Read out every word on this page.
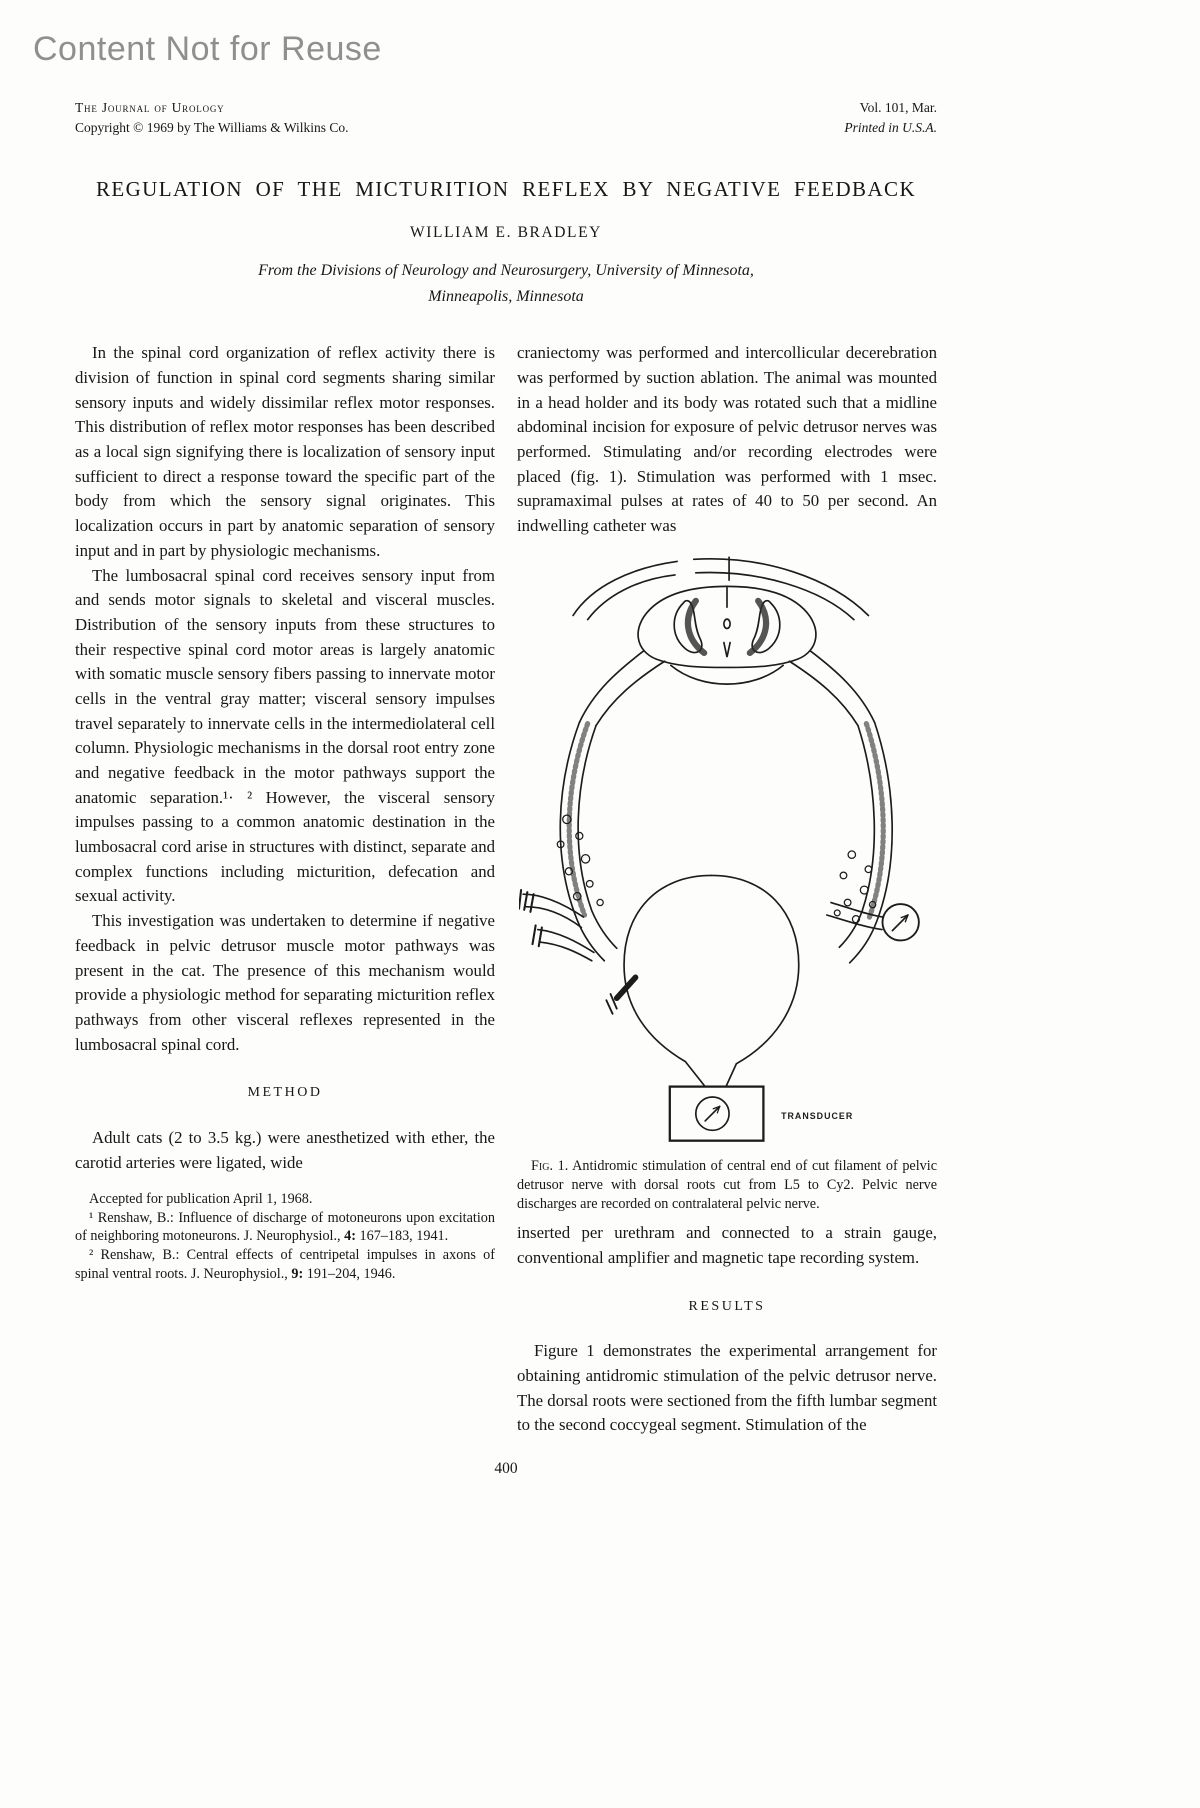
Content Not for Reuse
The Journal of Urology
Copyright © 1969 by The Williams & Wilkins Co.
Vol. 101, Mar.
Printed in U.S.A.
REGULATION OF THE MICTURITION REFLEX BY NEGATIVE FEEDBACK
WILLIAM E. BRADLEY
From the Divisions of Neurology and Neurosurgery, University of Minnesota,
Minneapolis, Minnesota

In the spinal cord organization of reflex activity there is division of function in spinal cord segments sharing similar sensory inputs and widely dissimilar reflex motor responses. This distribution of reflex motor responses has been described as a local sign signifying there is localization of sensory input sufficient to direct a response toward the specific part of the body from which the sensory signal originates. This localization occurs in part by anatomic separation of sensory input and in part by physiologic mechanisms.

The lumbosacral spinal cord receives sensory input from and sends motor signals to skeletal and visceral muscles. Distribution of the sensory inputs from these structures to their respective spinal cord motor areas is largely anatomic with somatic muscle sensory fibers passing to innervate motor cells in the ventral gray matter; visceral sensory impulses travel separately to innervate cells in the intermediolateral cell column. Physiologic mechanisms in the dorsal root entry zone and negative feedback in the motor pathways support the anatomic separation.¹· ² However, the visceral sensory impulses passing to a common anatomic destination in the lumbosacral cord arise in structures with distinct, separate and complex functions including micturition, defecation and sexual activity.

This investigation was undertaken to determine if negative feedback in pelvic detrusor muscle motor pathways was present in the cat. The presence of this mechanism would provide a physiologic method for separating micturition reflex pathways from other visceral reflexes represented in the lumbosacral spinal cord.

METHOD

Adult cats (2 to 3.5 kg.) were anesthetized with ether, the carotid arteries were ligated, wide

Accepted for publication April 1, 1968.

¹ Renshaw, B.: Influence of discharge of motoneurons upon excitation of neighboring motoneurons. J. Neurophysiol., 4: 167–183, 1941.

² Renshaw, B.: Central effects of centripetal impulses in axons of spinal ventral roots. J. Neurophysiol., 9: 191–204, 1946.

craniectomy was performed and intercollicular decerebration was performed by suction ablation. The animal was mounted in a head holder and its body was rotated such that a midline abdominal incision for exposure of pelvic detrusor nerves was performed. Stimulating and/or recording electrodes were placed (fig. 1). Stimulation was performed with 1 msec. supramaximal pulses at rates of 40 to 50 per second. An indwelling catheter was

TRANSDUCER
Fig. 1. Antidromic stimulation of central end of cut filament of pelvic detrusor nerve with dorsal roots cut from L5 to Cy2. Pelvic nerve discharges are recorded on contralateral pelvic nerve.

inserted per urethram and connected to a strain gauge, conventional amplifier and magnetic tape recording system.

RESULTS

Figure 1 demonstrates the experimental arrangement for obtaining antidromic stimulation of the pelvic detrusor nerve. The dorsal roots were sectioned from the fifth lumbar segment to the second coccygeal segment. Stimulation of the

400
